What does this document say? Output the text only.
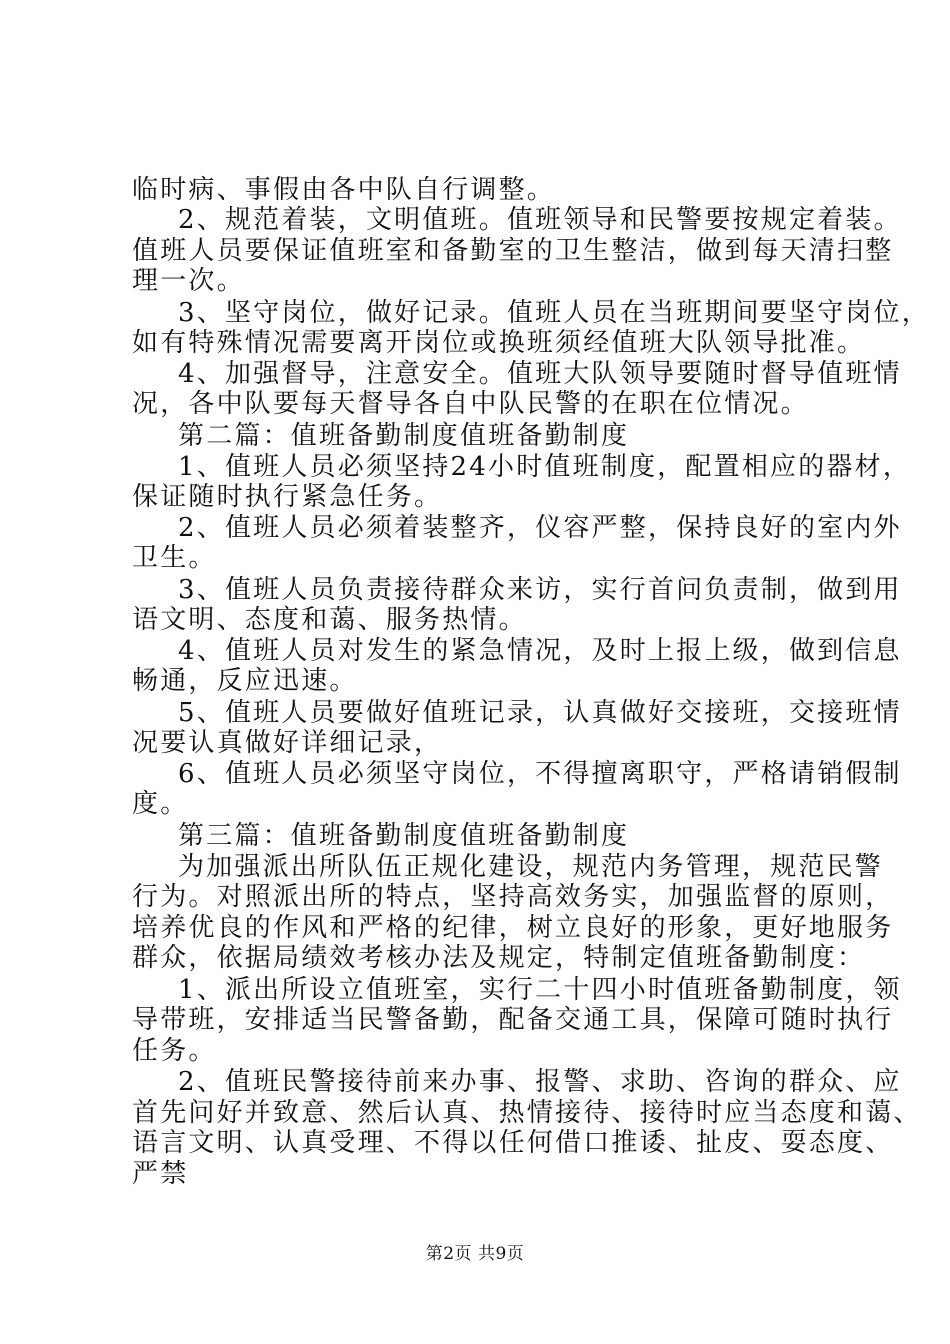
临时病、事假由各中队自行调整。
2、规范着装，文明值班。值班领导和民警要按规定着装。
值班人员要保证值班室和备勤室的卫生整洁，做到每天清扫整
理一次。
3、坚守岗位，做好记录。值班人员在当班期间要坚守岗位，
如有特殊情况需要离开岗位或换班须经值班大队领导批准。
4、加强督导，注意安全。值班大队领导要随时督导值班情
况，各中队要每天督导各自中队民警的在职在位情况。
第二篇：值班备勤制度值班备勤制度
1、值班人员必须坚持24小时值班制度，配置相应的器材，
保证随时执行紧急任务。
2、值班人员必须着装整齐，仪容严整，保持良好的室内外
卫生。
3、值班人员负责接待群众来访，实行首问负责制，做到用
语文明、态度和蔼、服务热情。
4、值班人员对发生的紧急情况，及时上报上级，做到信息
畅通，反应迅速。
5、值班人员要做好值班记录，认真做好交接班，交接班情
况要认真做好详细记录，
6、值班人员必须坚守岗位，不得擅离职守，严格请销假制
度。
第三篇：值班备勤制度值班备勤制度
为加强派出所队伍正规化建设，规范内务管理，规范民警
行为。对照派出所的特点，坚持高效务实，加强监督的原则，
培养优良的作风和严格的纪律，树立良好的形象，更好地服务
群众，依据局绩效考核办法及规定，特制定值班备勤制度：
1、派出所设立值班室，实行二十四小时值班备勤制度，领
导带班，安排适当民警备勤，配备交通工具，保障可随时执行
任务。
2、值班民警接待前来办事、报警、求助、咨询的群众、应
首先问好并致意、然后认真、热情接待、接待时应当态度和蔼、
语言文明、认真受理、不得以任何借口推诿、扯皮、耍态度、
严禁
第2页 共9页
